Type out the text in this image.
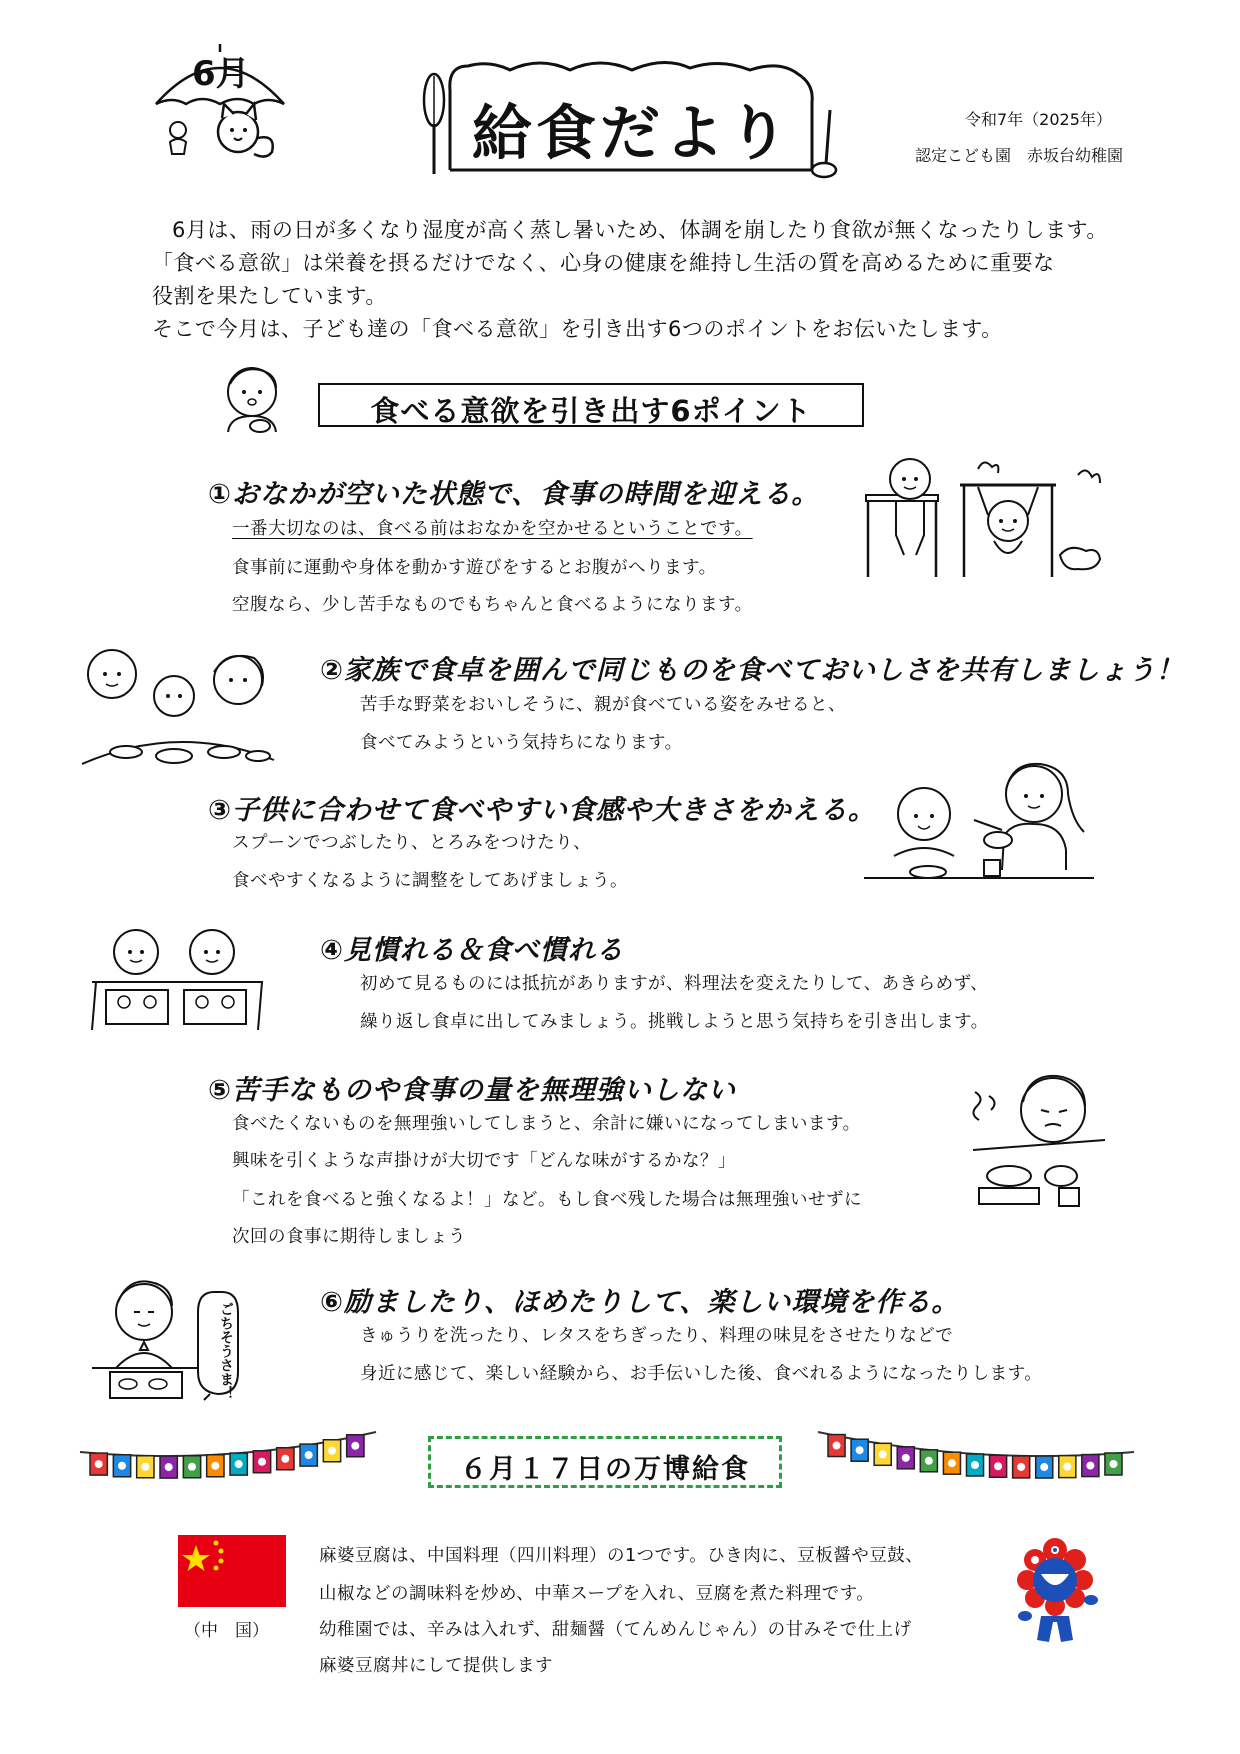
6月
給食だより	令和7年（2025年）
認定こども園　赤坂台幼稚園
6月は、雨の日が多くなり湿度が高く蒸し暑いため、体調を崩したり食欲が無くなったりします。
「食べる意欲」は栄養を摂るだけでなく、心身の健康を維持し生活の質を高めるために重要な
役割を果たしています。
そこで今月は、子ども達の「食べる意欲」を引き出す6つのポイントをお伝いたします。
食べる意欲を引き出す6ポイント
①おなかが空いた状態で、食事の時間を迎える。
一番大切なのは、食べる前はおなかを空かせるということです。
食事前に運動や身体を動かす遊びをするとお腹がへります。
空腹なら、少し苦手なものでもちゃんと食べるようになります。
②家族で食卓を囲んで同じものを食べておいしさを共有しましょう！
苦手な野菜をおいしそうに、親が食べている姿をみせると、
食べてみようという気持ちになります。
③子供に合わせて食べやすい食感や大きさをかえる。
スプーンでつぶしたり、とろみをつけたり、
食べやすくなるように調整をしてあげましょう。
④見慣れる＆食べ慣れる
初めて見るものには抵抗がありますが、料理法を変えたりして、あきらめず、
繰り返し食卓に出してみましょう。挑戦しようと思う気持ちを引き出します。
⑤苦手なものや食事の量を無理強いしない
食べたくないものを無理強いしてしまうと、余計に嫌いになってしまいます。
興味を引くような声掛けが大切です「どんな味がするかな？」
「これを食べると強くなるよ！」など。もし食べ残した場合は無理強いせずに
次回の食事に期待しましょう
ごちそうさま！	⑥励ましたり、ほめたりして、楽しい環境を作る。
きゅうりを洗ったり、レタスをちぎったり、料理の味見をさせたりなどで
身近に感じて、楽しい経験から、お手伝いした後、食べれるようになったりします。
６月１７日の万博給食
（中　国）
麻婆豆腐は、中国料理（四川料理）の1つです。ひき肉に、豆板醤や豆鼓、
山椒などの調味料を炒め、中華スープを入れ、豆腐を煮た料理です。
幼稚園では、辛みは入れず、甜麺醤（てんめんじゃん）の甘みそで仕上げ
麻婆豆腐丼にして提供します
